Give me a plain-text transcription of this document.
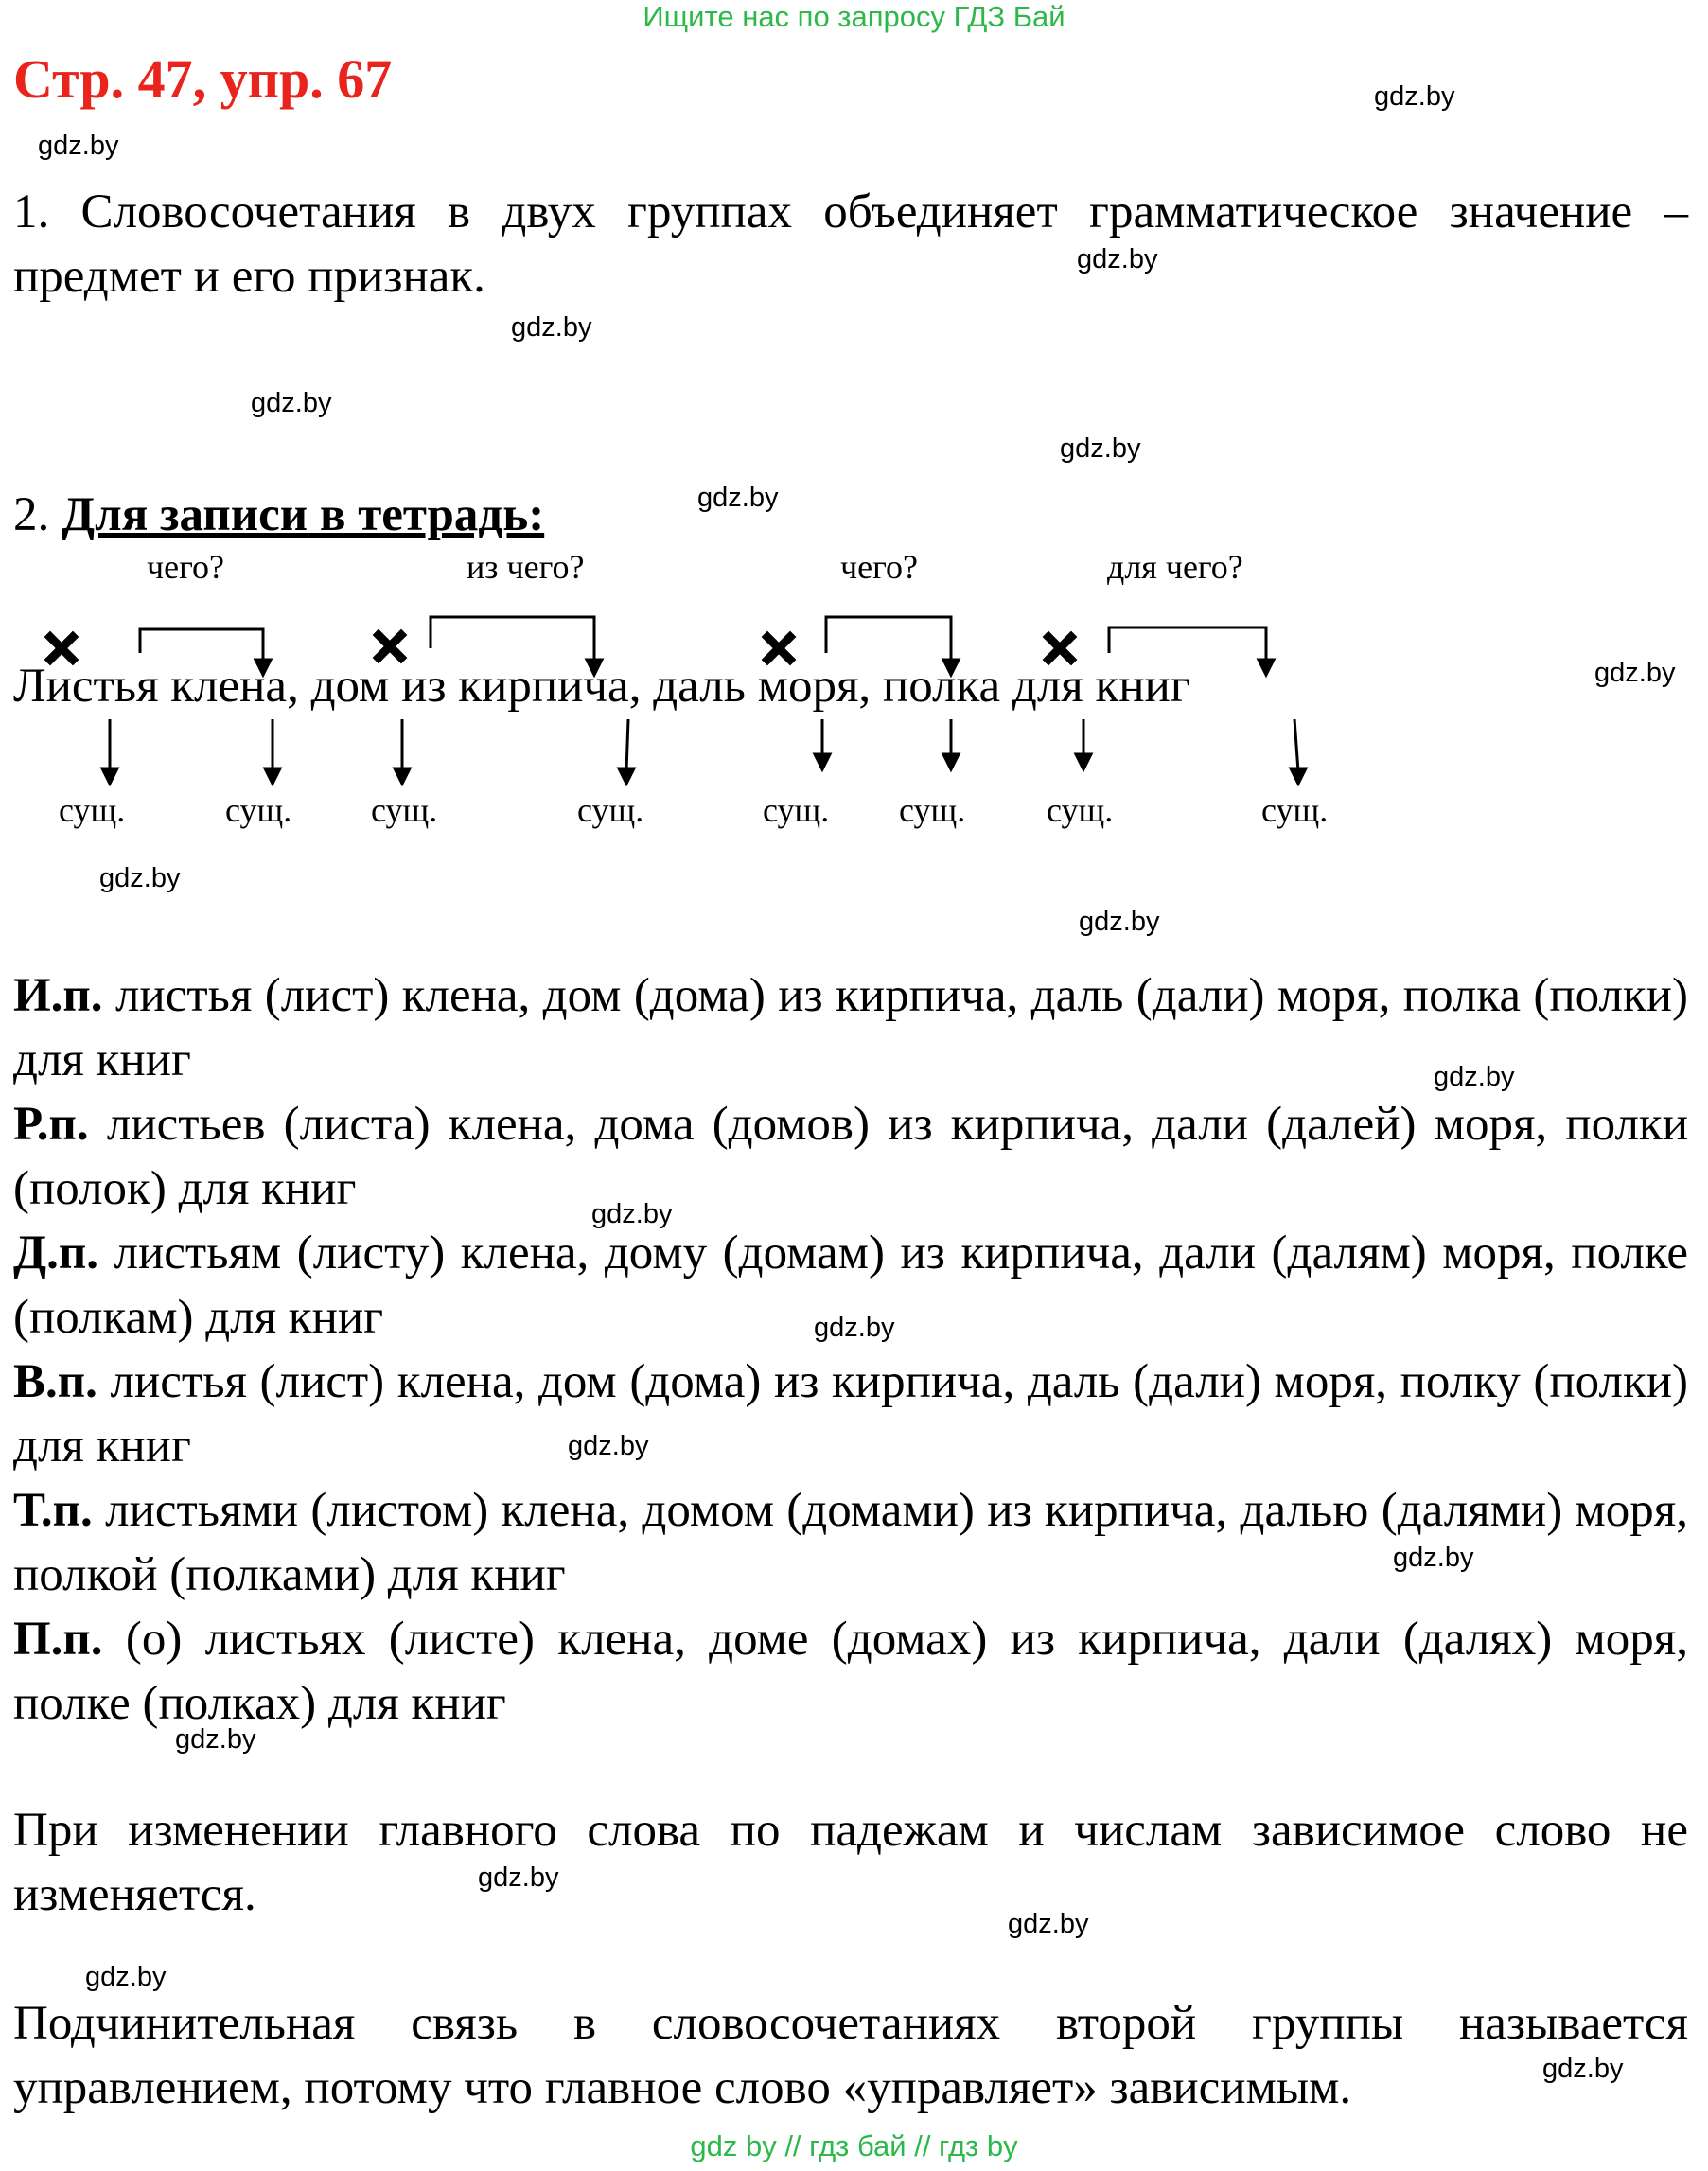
Ищите нас по запросу ГДЗ Бай
Стр. 47, упр. 67	gdz.by
gdz.by
gdz.by
gdz.by
gdz.by
gdz.by
gdz.by
gdz.by
gdz.by
gdz.by
gdz.by
gdz.by
gdz.by
gdz.by
gdz.by
gdz.by
gdz.by
gdz.by
gdz.by
gdz.by
1. Словосочетания в двух группах объединяет грамматическое значение – предмет и его признак.
2. Для записи в тетрадь:
чего?	из чего?	чего?	для чего?
Листья клена, дом из кирпича, даль моря, полка для книг
сущ.	сущ. сущ.	сущ.	сущ. сущ. сущ.	сущ.
И.п. листья (лист) клена, дом (дома) из кирпича, даль (дали) моря, полка (полки) для книг
Р.п. листьев (листа) клена, дома (домов) из кирпича, дали (далей) моря, полки (полок) для книг
Д.п. листьям (листу) клена, дому (домам) из кирпича, дали (далям) моря, полке (полкам) для книг
В.п. листья (лист) клена, дом (дома) из кирпича, даль (дали) моря, полку (полки) для книг
Т.п. листьями (листом) клена, домом (домами) из кирпича, далью (далями) моря, полкой (полками) для книг
П.п. (о) листьях (листе) клена, доме (домах) из кирпича, дали (далях) моря, полке (полках) для книг
При изменении главного слова по падежам и числам зависимое слово не изменяется.
Подчинительная связь в словосочетаниях второй группы называется управлением, потому что главное слово «управляет» зависимым.
gdz by // гдз бай // гдз by
